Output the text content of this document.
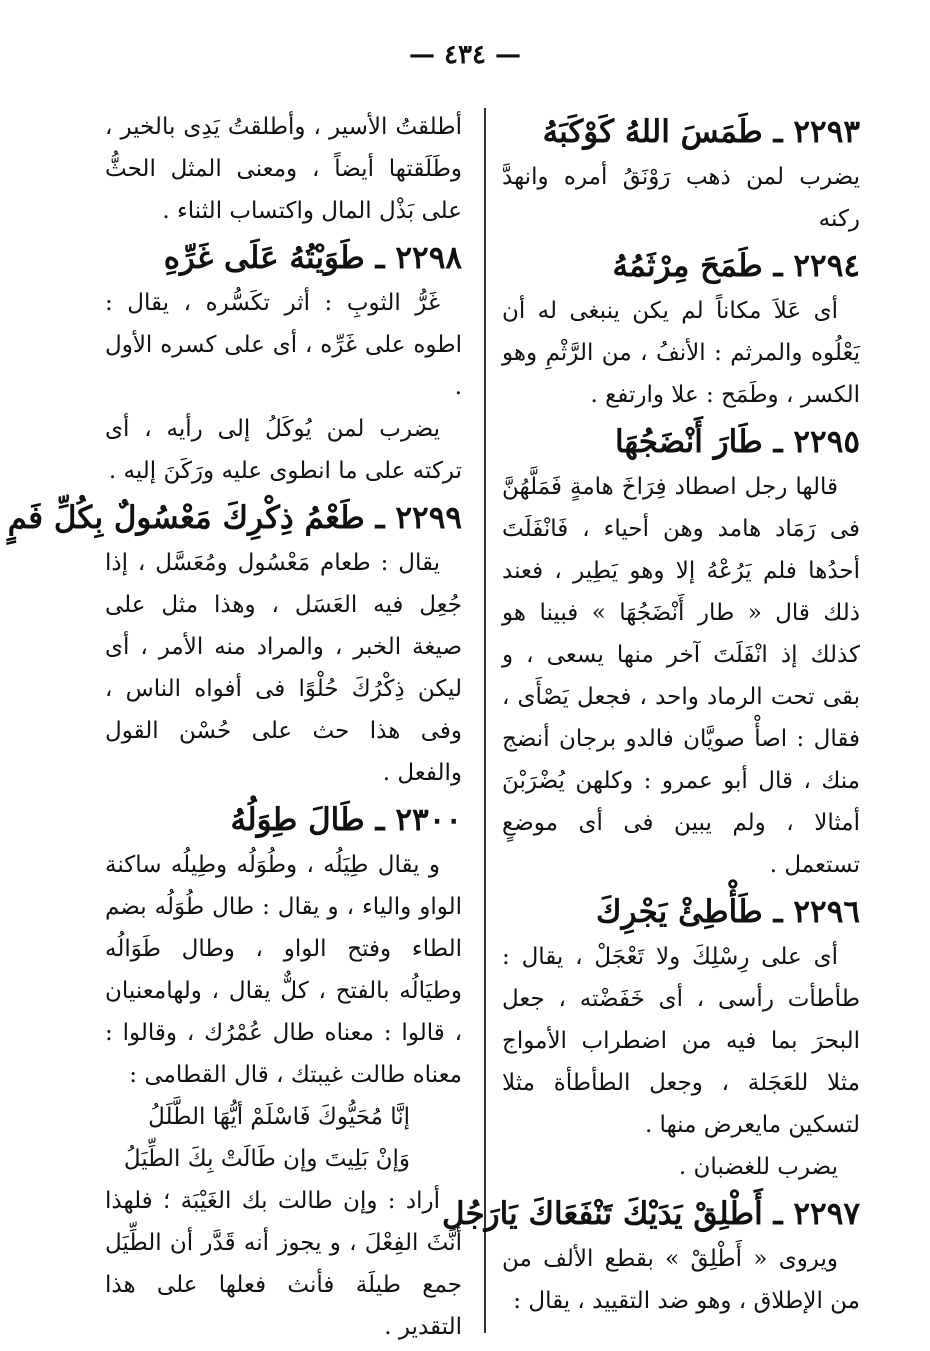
— ٤٣٤ —
٢٢٩٣ ـ طَمَسَ اللهُ كَوْكَبَهُ

يضرب لمن ذهب رَوْنَقُ أمره وانهدَّ ركنه

٢٢٩٤ ـ طَمَحَ مِرْثَمُهُ

أى عَلاَ مكاناً لم يكن ينبغى له أن يَعْلُوه والمرثم : الأنفُ ، من الرَّثْمِ وهو الكسر ، وطَمَح : علا وارتفع .

٢٢٩٥ ـ طَارَ أَنْضَجُهَا

قالها رجل اصطاد فِرَاخَ هامةٍ فَمَلَّهُنَّ فى رَمَاد هامد وهن أحياء ، فَانْفَلَتَ أحدُها فلم يَرُعْهُ إلا وهو يَطِير ، فعند ذلك قال « طار أَنْضَجُهَا » فبينا هو كذلك إذ انْفَلَتَ آخر منها يسعى ، و بقى تحت الرماد واحد ، فجعل يَصْأَى ، فقال : اصأْ صويَّان فالدو برجان أنضج منك ، قال أبو عمرو : وكلهن يُضْرَبْنَ أمثالا ، ولم يبين فى أى موضعٍ تستعمل .

٢٢٩٦ ـ طَأْطِئْ يَجْرِكَ

أى على رِسْلِكَ ولا تَعْجَلْ ، يقال : طأطأت رأسى ، أى خَفَضْته ، جعل البحرَ بما فيه من اضطراب الأمواج مثلا للعَجَلة ، وجعل الطأطأة مثلا لتسكين مايعرض منها .

يضرب للغضبان .

٢٢٩٧ ـ أَطْلِقْ يَدَيْكَ تَنْفَعَاكَ يَارَجُل

ويروى « أَطْلِقْ » بقطع الألف من من الإطلاق ، وهو ضد التقييد ، يقال :

أطلقتُ الأسير ، وأطلقتُ يَدِى بالخير ، وطَلَقتها أيضاً ، ومعنى المثل الحثُّ على بَذْل المال واكتساب الثناء .

٢٢٩٨ ـ طَوَيْتُهُ عَلَى غَرِّهِ

غَرُّ الثوبِ : أثر تكَسُّره ، يقال : اطوه على غَرِّه ، أى على كسره الأول .

يضرب لمن يُوكَلُ إلى رأيه ، أى تركته على ما انطوى عليه ورَكَنَ إليه .

٢٢٩٩ ـ طَعْمُ ذِكْرِكَ مَعْسُولٌ بِكُلِّ فَمٍ

يقال : طعام مَعْسُول ومُعَسَّل ، إذا جُعِل فيه العَسَل ، وهذا مثل على صيغة الخبر ، والمراد منه الأمر ، أى ليكن ذِكْرُكَ حُلْوًا فى أفواه الناس ، وفى هذا حث على حُسْن القول والفعل .

٢٣٠٠ ـ طَالَ طِوَلُهُ

و يقال طِيَلُه ، وطُوَلُه وطِيلُه ساكنة الواو والياء ، و يقال : طال طُوَلُه بضم الطاء وفتح الواو ، وطال طَوَالُه وطيَالُه بالفتح ، كلٌّ يقال ، ولهامعنيان ، قالوا : معناه طال عُمْرُك ، وقالوا : معناه طالت غيبتك ، قال القطامى :

إنَّا مُحَيُّوكَ فَاسْلَمْ أيُّهَا الطَّلَلُ

وَإنْ بَلِيتَ وإن طَالَتْ بِكَ الطِّيَلُ

أراد : وإن طالت بك الغَيْبَة ؛ فلهذا أنَّثَ الفِعْلَ ، و يجوز أنه قَدَّر أن الطِّيَل جمع طيلَة فأنث فعلها على هذا التقدير .
